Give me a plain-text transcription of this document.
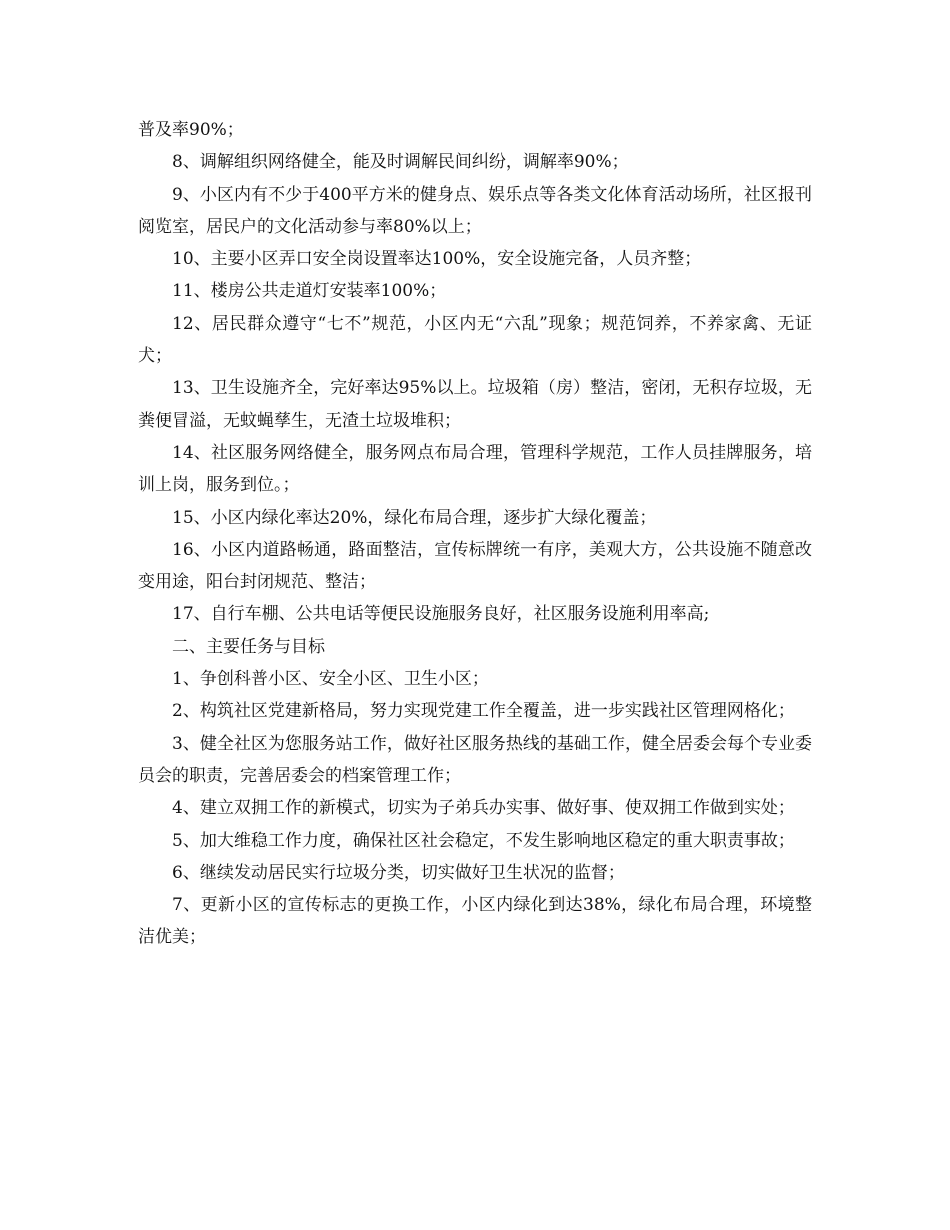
普及率90%；

8、调解组织网络健全，能及时调解民间纠纷，调解率90%；

9、小区内有不少于400平方米的健身点、娱乐点等各类文化体育活动场所，社区报刊阅览室，居民户的文化活动参与率80%以上；

10、主要小区弄口安全岗设置率达100%，安全设施完备，人员齐整；

11、楼房公共走道灯安装率100%；

12、居民群众遵守“七不”规范，小区内无“六乱”现象；规范饲养，不养家禽、无证犬；

13、卫生设施齐全，完好率达95%以上。垃圾箱（房）整洁，密闭，无积存垃圾，无粪便冒溢，无蚊蝇孳生，无渣土垃圾堆积；

14、社区服务网络健全，服务网点布局合理，管理科学规范，工作人员挂牌服务，培训上岗，服务到位。；

15、小区内绿化率达20%，绿化布局合理，逐步扩大绿化覆盖；

16、小区内道路畅通，路面整洁，宣传标牌统一有序，美观大方，公共设施不随意改变用途，阳台封闭规范、整洁；

17、自行车棚、公共电话等便民设施服务良好，社区服务设施利用率高;

二、主要任务与目标

1、争创科普小区、安全小区、卫生小区；

2、构筑社区党建新格局，努力实现党建工作全覆盖，进一步实践社区管理网格化；

3、健全社区为您服务站工作，做好社区服务热线的基础工作，健全居委会每个专业委员会的职责，完善居委会的档案管理工作；

4、建立双拥工作的新模式，切实为子弟兵办实事、做好事、使双拥工作做到实处；

5、加大维稳工作力度，确保社区社会稳定，不发生影响地区稳定的重大职责事故；

6、继续发动居民实行垃圾分类，切实做好卫生状况的监督；

7、更新小区的宣传标志的更换工作，小区内绿化到达38%，绿化布局合理，环境整洁优美；
